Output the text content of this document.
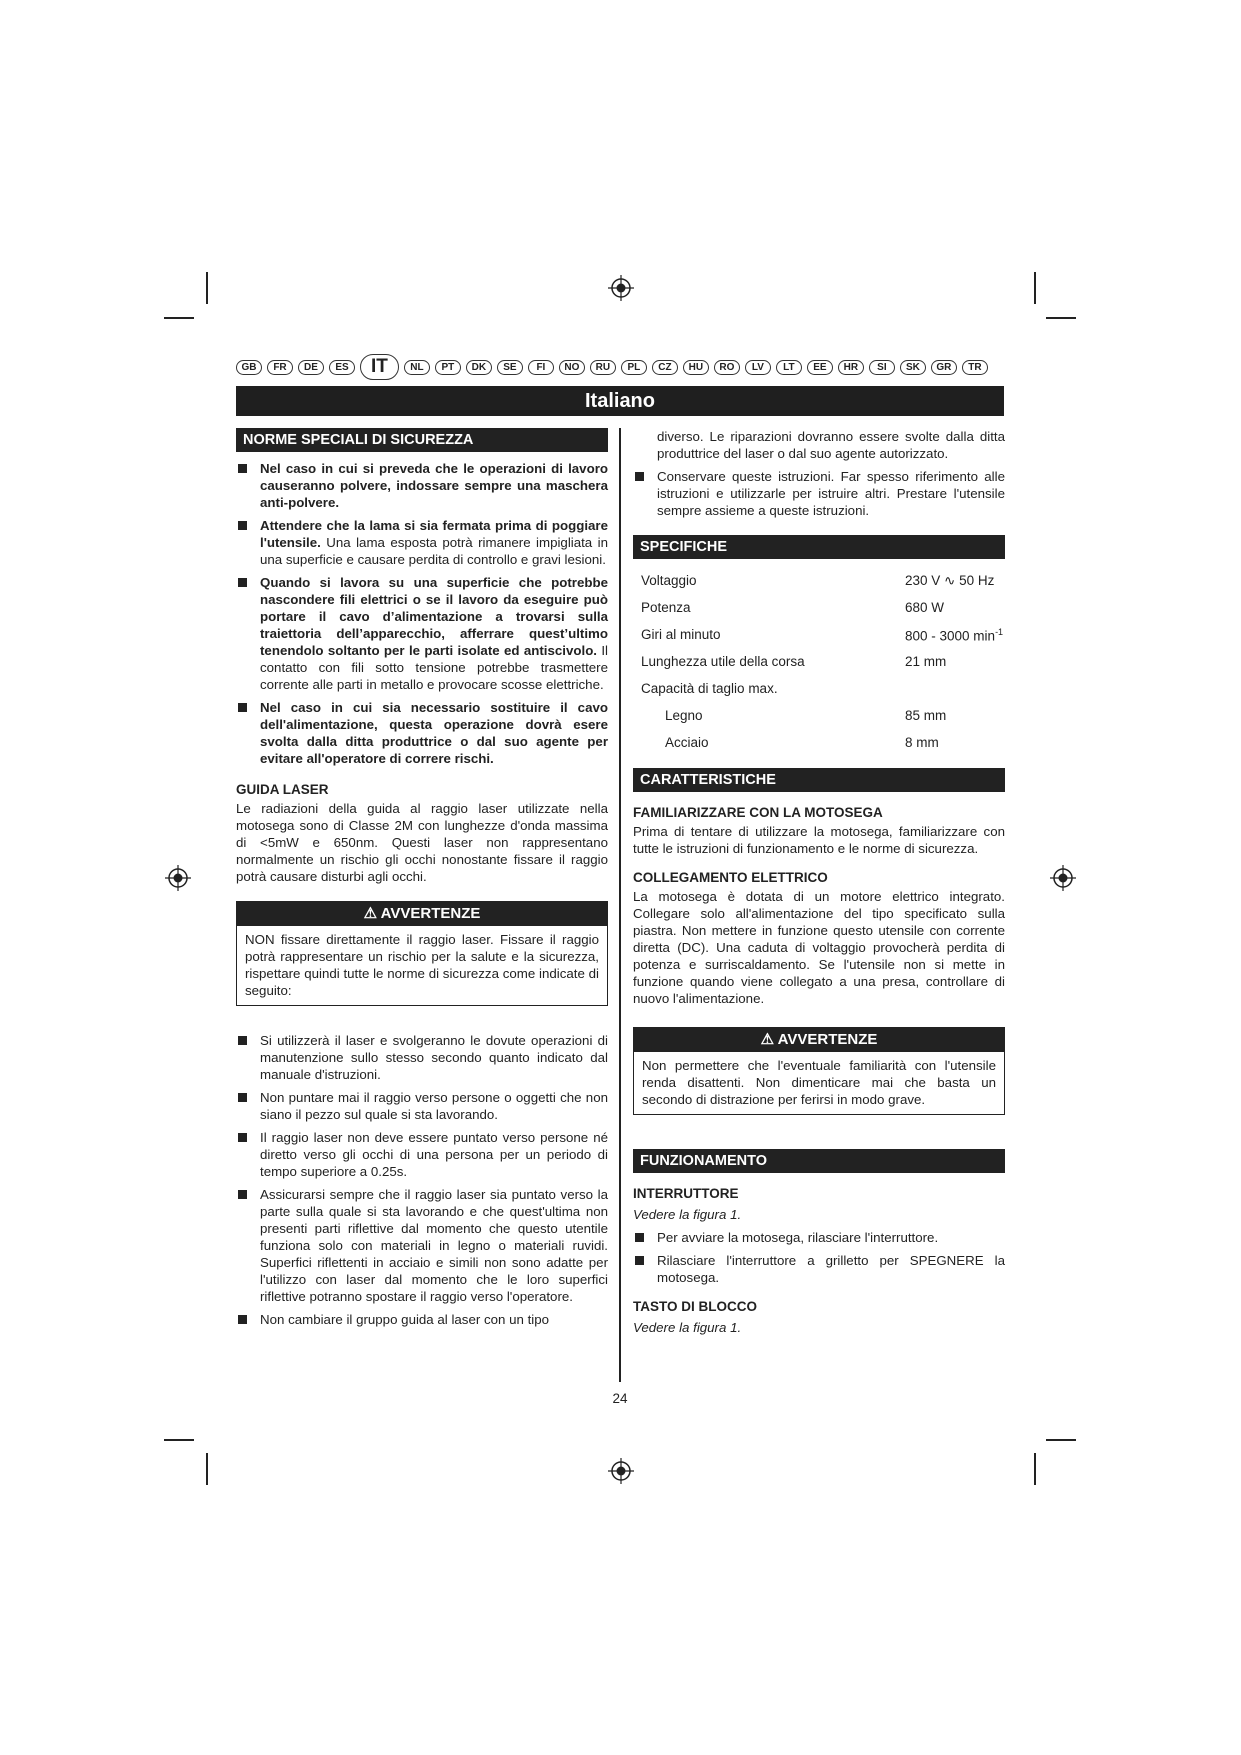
GB	FR	DE	ES	IT	NL	PT	DK	SE	FI	NO	RU	PL	CZ	HU	RO	LV	LT	EE	HR	SI	SK	GR	TR
Italiano
NORME SPECIALI DI SICUREZZA
Nel caso in cui si preveda che le operazioni di lavoro causeranno polvere, indossare sempre una maschera anti-polvere.
Attendere che la lama si sia fermata prima di poggiare l'utensile. Una lama esposta potrà rimanere impigliata in una superficie e causare perdita di controllo e gravi lesioni.
Quando si lavora su una superficie che potrebbe nascondere fili elettrici o se il lavoro da eseguire può portare il cavo d’alimentazione a trovarsi sulla traiettoria dell’apparecchio, afferrare quest’ultimo tenendolo soltanto per le parti isolate ed antiscivolo. Il contatto con fili sotto tensione potrebbe trasmettere corrente alle parti in metallo e provocare scosse elettriche.
Nel caso in cui sia necessario sostituire il cavo dell'alimentazione, questa operazione dovrà esere svolta dalla ditta produttrice o dal suo agente per evitare all'operatore di correre rischi.
GUIDA LASER
Le radiazioni della guida al raggio laser utilizzate nella motosega sono di Classe 2M con lunghezze d'onda massima di <5mW e 650nm. Questi laser non rappresentano normalmente un rischio gli occhi nonostante fissare il raggio potrà causare disturbi agli occhi.
⚠ AVVERTENZE
NON fissare direttamente il raggio laser. Fissare il raggio potrà rappresentare un rischio per la salute e la sicurezza, rispettare quindi tutte le norme di sicurezza come indicate di seguito:
Si utilizzerà il laser e svolgeranno le dovute operazioni di manutenzione sullo stesso secondo quanto indicato dal manuale d'istruzioni.
Non puntare mai il raggio verso persone o oggetti che non siano il pezzo sul quale si sta lavorando.
Il raggio laser non deve essere puntato verso persone né diretto verso gli occhi di una persona per un periodo di tempo superiore a 0.25s.
Assicurarsi sempre che il raggio laser sia puntato verso la parte sulla quale si sta lavorando e che quest'ultima non presenti parti riflettive dal momento che questo utentile funziona solo con materiali in legno o materiali ruvidi. Superfici riflettenti in acciaio e simili non sono adatte per l'utilizzo con laser dal momento che le loro superfici riflettive potranno spostare il raggio verso l'operatore.
Non cambiare il gruppo guida al laser con un tipo
diverso. Le riparazioni dovranno essere svolte dalla ditta produttrice del laser o dal suo agente autorizzato.
Conservare queste istruzioni. Far spesso riferimento alle istruzioni e utilizzarle per istruire altri. Prestare l'utensile sempre assieme a queste istruzioni.
SPECIFICHE
Voltaggio	230 V ∿ 50 Hz
Potenza	680 W
Giri al minuto	800 - 3000 $\min^{-1}$
Lunghezza utile della corsa	21 mm
Capacità di taglio max.	
Legno	85 mm
Acciaio	8 mm
CARATTERISTICHE
FAMILIARIZZARE CON LA MOTOSEGA
Prima di tentare di utilizzare la motosega, familiarizzare con tutte le istruzioni di funzionamento e le norme di sicurezza.
COLLEGAMENTO ELETTRICO
La motosega è dotata di un motore elettrico integrato. Collegare solo all'alimentazione del tipo specificato sulla piastra. Non mettere in funzione questo utensile con corrente diretta (DC). Una caduta di voltaggio provocherà perdita di potenza e surriscaldamento. Se l'utensile non si mette in funzione quando viene collegato a una presa, controllare di nuovo l'alimentazione.
⚠ AVVERTENZE
Non permettere che l'eventuale familiarità con l'utensile renda disattenti. Non dimenticare mai che basta un secondo di distrazione per ferirsi in modo grave.
FUNZIONAMENTO
INTERRUTTORE
Vedere la figura 1.
Per avviare la motosega, rilasciare l'interruttore.
Rilasciare l'interruttore a grilletto per SPEGNERE la motosega.
TASTO DI BLOCCO
Vedere la figura 1.
24
